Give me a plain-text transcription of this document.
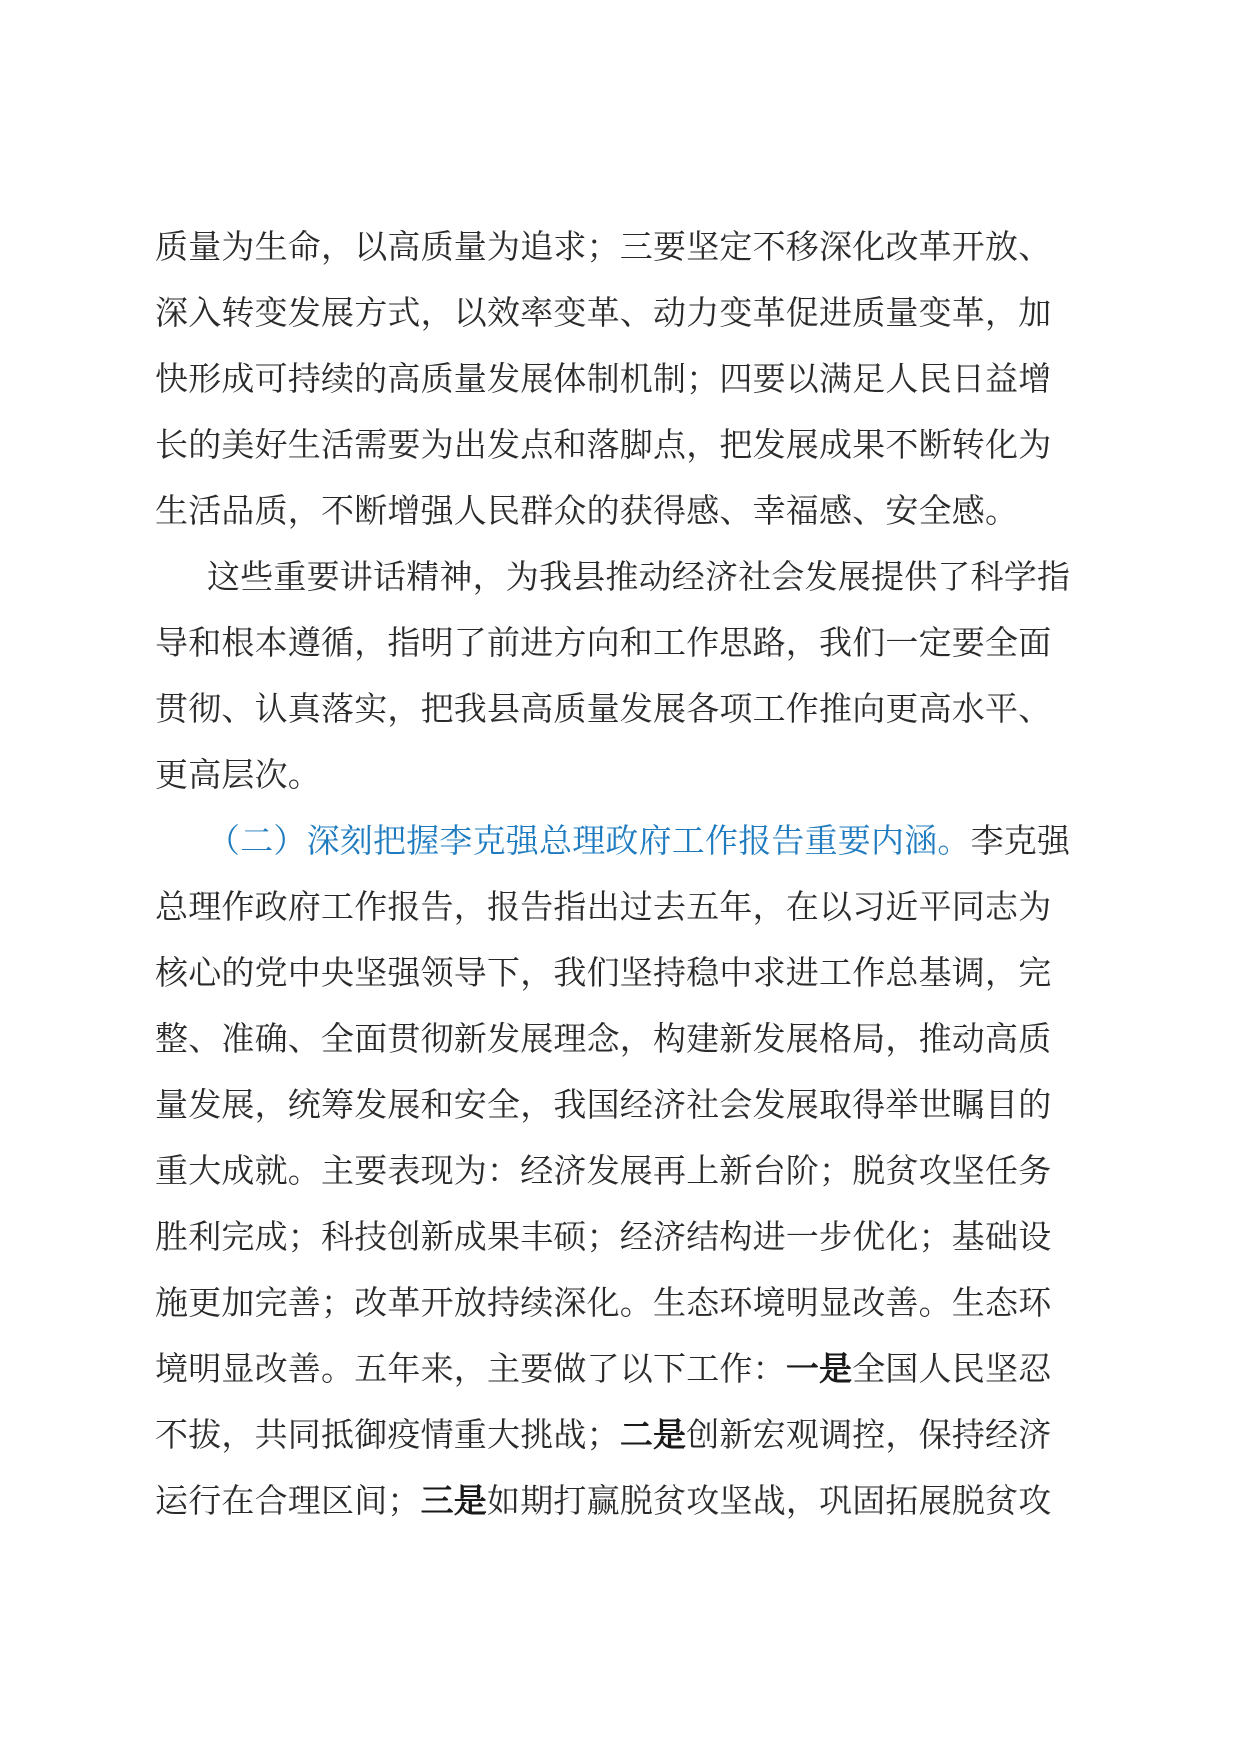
质量为生命，以高质量为追求；三要坚定不移深化改革开放、
深入转变发展方式，以效率变革、动力变革促进质量变革，加
快形成可持续的高质量发展体制机制；四要以满足人民日益增
长的美好生活需要为出发点和落脚点，把发展成果不断转化为
生活品质，不断增强人民群众的获得感、幸福感、安全感。
这些重要讲话精神，为我县推动经济社会发展提供了科学指
导和根本遵循，指明了前进方向和工作思路，我们一定要全面
贯彻、认真落实，把我县高质量发展各项工作推向更高水平、
更高层次。
（二）深刻把握李克强总理政府工作报告重要内涵。李克强
总理作政府工作报告，报告指出过去五年，在以习近平同志为
核心的党中央坚强领导下，我们坚持稳中求进工作总基调，完
整、准确、全面贯彻新发展理念，构建新发展格局，推动高质
量发展，统筹发展和安全，我国经济社会发展取得举世瞩目的
重大成就。主要表现为：经济发展再上新台阶；脱贫攻坚任务
胜利完成；科技创新成果丰硕；经济结构进一步优化；基础设
施更加完善；改革开放持续深化。生态环境明显改善。生态环
境明显改善。五年来，主要做了以下工作：一是全国人民坚忍
不拔，共同抵御疫情重大挑战；二是创新宏观调控，保持经济
运行在合理区间；三是如期打赢脱贫攻坚战，巩固拓展脱贫攻
